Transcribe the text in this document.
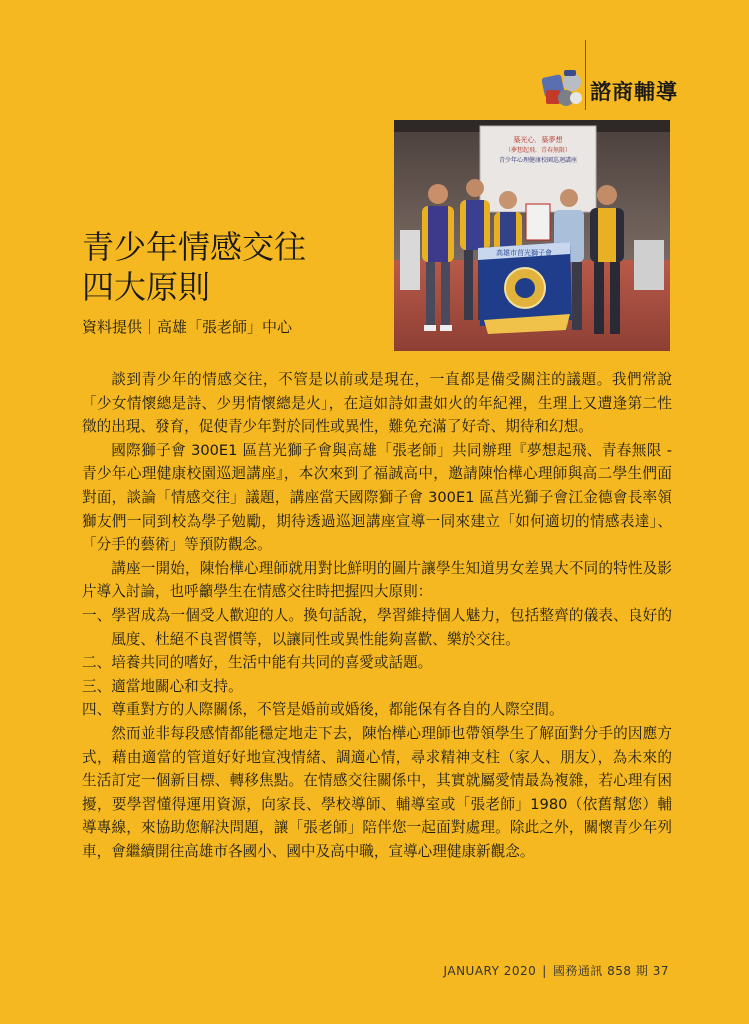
諮商輔導
築光心．築夢想
（夢想起飛．青春無限）
青少年心理健康校園巡迴講座
高雄市莒光獅子會
青少年情感交往
四大原則
資料提供｜高雄「張老師」中心

談到青少年的情感交往，不管是以前或是現在，一直都是備受關注的議題。我們常說「少女情懷總是詩、少男情懷總是火」，在這如詩如畫如火的年紀裡，生理上又遭逢第二性徵的出現、發育，促使青少年對於同性或異性，難免充滿了好奇、期待和幻想。

國際獅子會 300E1 區莒光獅子會與高雄「張老師」共同辦理『夢想起飛、青春無限 - 青少年心理健康校園巡迴講座』，本次來到了福誠高中，邀請陳怡樺心理師與高二學生們面對面，談論「情感交往」議題，講座當天國際獅子會 300E1 區莒光獅子會江金德會長率領獅友們一同到校為學子勉勵，期待透過巡迴講座宣導一同來建立「如何適切的情感表達」、「分手的藝術」等預防觀念。

講座一開始，陳怡樺心理師就用對比鮮明的圖片讓學生知道男女差異大不同的特性及影片導入討論，也呼籲學生在情感交往時把握四大原則：

一、學習成為一個受人歡迎的人。換句話說，學習維持個人魅力，包括整齊的儀表、良好的風度、杜絕不良習慣等，以讓同性或異性能夠喜歡、樂於交往。

二、培養共同的嗜好，生活中能有共同的喜愛或話題。

三、適當地關心和支持。

四、尊重對方的人際關係，不管是婚前或婚後，都能保有各自的人際空間。

然而並非每段感情都能穩定地走下去，陳怡樺心理師也帶領學生了解面對分手的因應方式，藉由適當的管道好好地宣洩情緒、調適心情，尋求精神支柱（家人、朋友），為未來的生活訂定一個新目標、轉移焦點。在情感交往關係中，其實就屬愛情最為複雜，若心理有困擾，要學習懂得運用資源，向家長、學校導師、輔導室或「張老師」1980（依舊幫您）輔導專線，來協助您解決問題，讓「張老師」陪伴您一起面對處理。除此之外，關懷青少年列車，會繼續開往高雄市各國小、國中及高中職，宣導心理健康新觀念。

JANUARY 2020 | 國務通訊 858 期 37
